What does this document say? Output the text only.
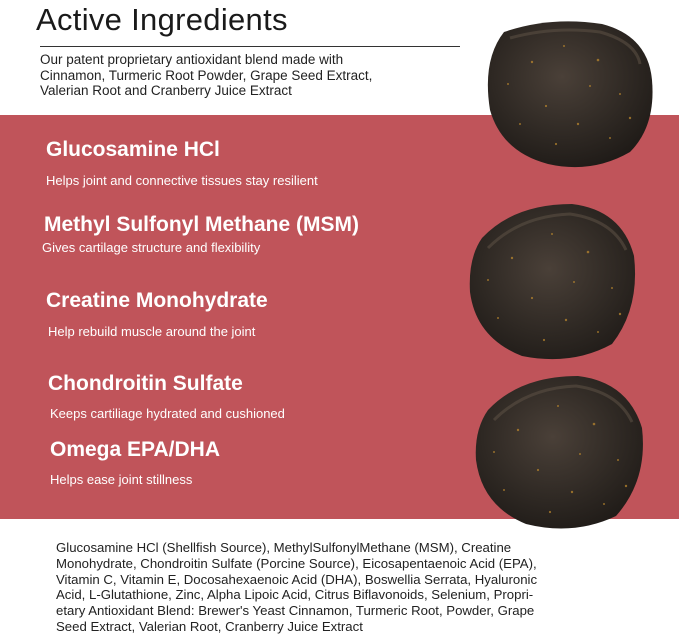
Active Ingredients
Our patent proprietary antioxidant blend made with
Cinnamon, Turmeric Root Powder, Grape Seed Extract,
Valerian Root and Cranberry Juice Extract
Glucosamine HCl
Helps joint and connective tissues stay resilient
Methyl Sulfonyl Methane (MSM)
Gives cartilage structure and flexibility
Creatine Monohydrate
Help rebuild muscle around the joint
Chondroitin Sulfate
Keeps cartiliage hydrated and cushioned
Omega EPA/DHA
Helps ease joint stillness
Glucosamine HCl (Shellfish Source), MethylSulfonylMethane (MSM), Creatine
Monohydrate, Chondroitin Sulfate (Porcine Source), Eicosapentaenoic Acid (EPA),
Vitamin C, Vitamin E, Docosahexaenoic Acid (DHA), Boswellia Serrata, Hyaluronic
Acid, L-Glutathione, Zinc, Alpha Lipoic Acid, Citrus Biflavonoids, Selenium, Propri-
etary Antioxidant Blend: Brewer's Yeast Cinnamon, Turmeric Root, Powder, Grape
Seed Extract, Valerian Root, Cranberry Juice Extract
